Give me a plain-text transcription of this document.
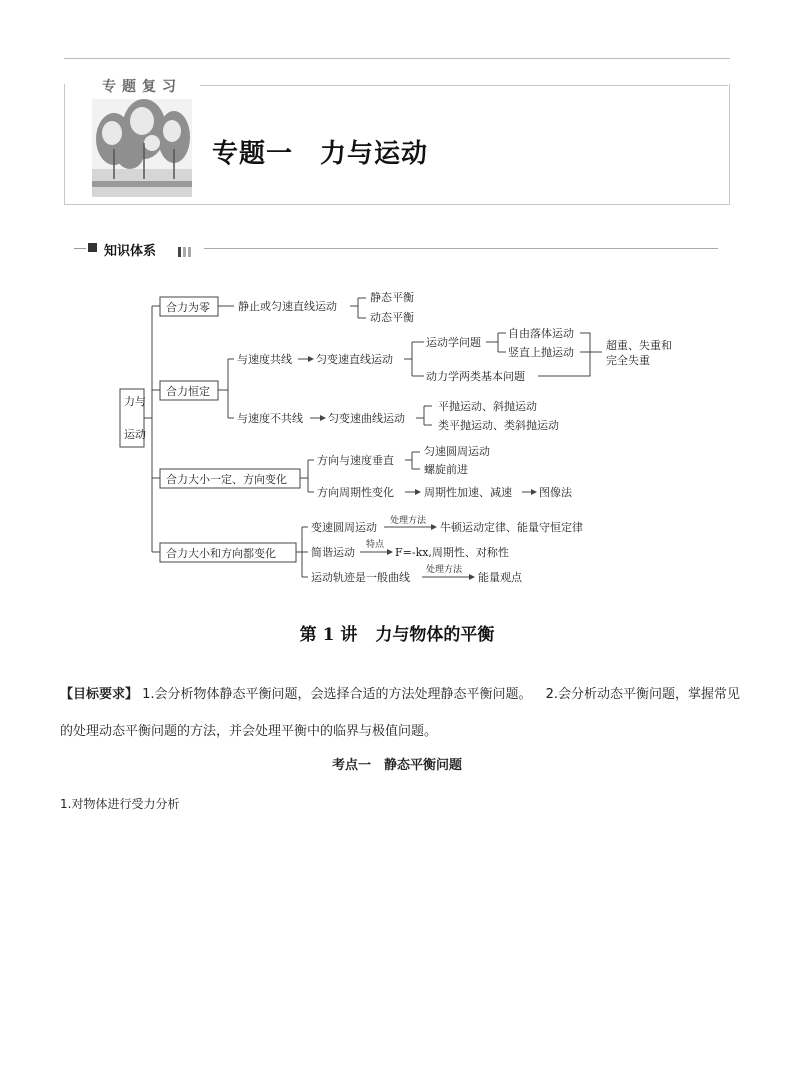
专题复习
专题一　力与运动
知识体系
力与
运动
合力为零	静止或匀速直线运动
静态平衡
动态平衡
合力恒定
与速度共线 匀变速直线运动
运动学问题
动力学两类基本问题
自由落体运动
竖直上抛运动
超重、失重和
完全失重
与速度不共线 匀变速曲线运动
平抛运动、斜抛运动
类平抛运动、类斜抛运动
合力大小一定、方向变化
方向与速度垂直
匀速圆周运动
螺旋前进
方向周期性变化	周期性加速、减速 图像法
合力大小和方向都变化
变速圆周运动 处理方法 牛顿运动定律、能量守恒定律
简谐运动
特点
F=-kx,周期性、对称性
运动轨迹是一般曲线
处理方法
能量观点
第 1 讲 力与物体的平衡
【目标要求】 1.会分析物体静态平衡问题，会选择合适的方法处理静态平衡问题。 2.会分析动态平衡问题，掌握常见的处理动态平衡问题的方法，并会处理平衡中的临界与极值问题。
考点一　静态平衡问题
1.对物体进行受力分析
